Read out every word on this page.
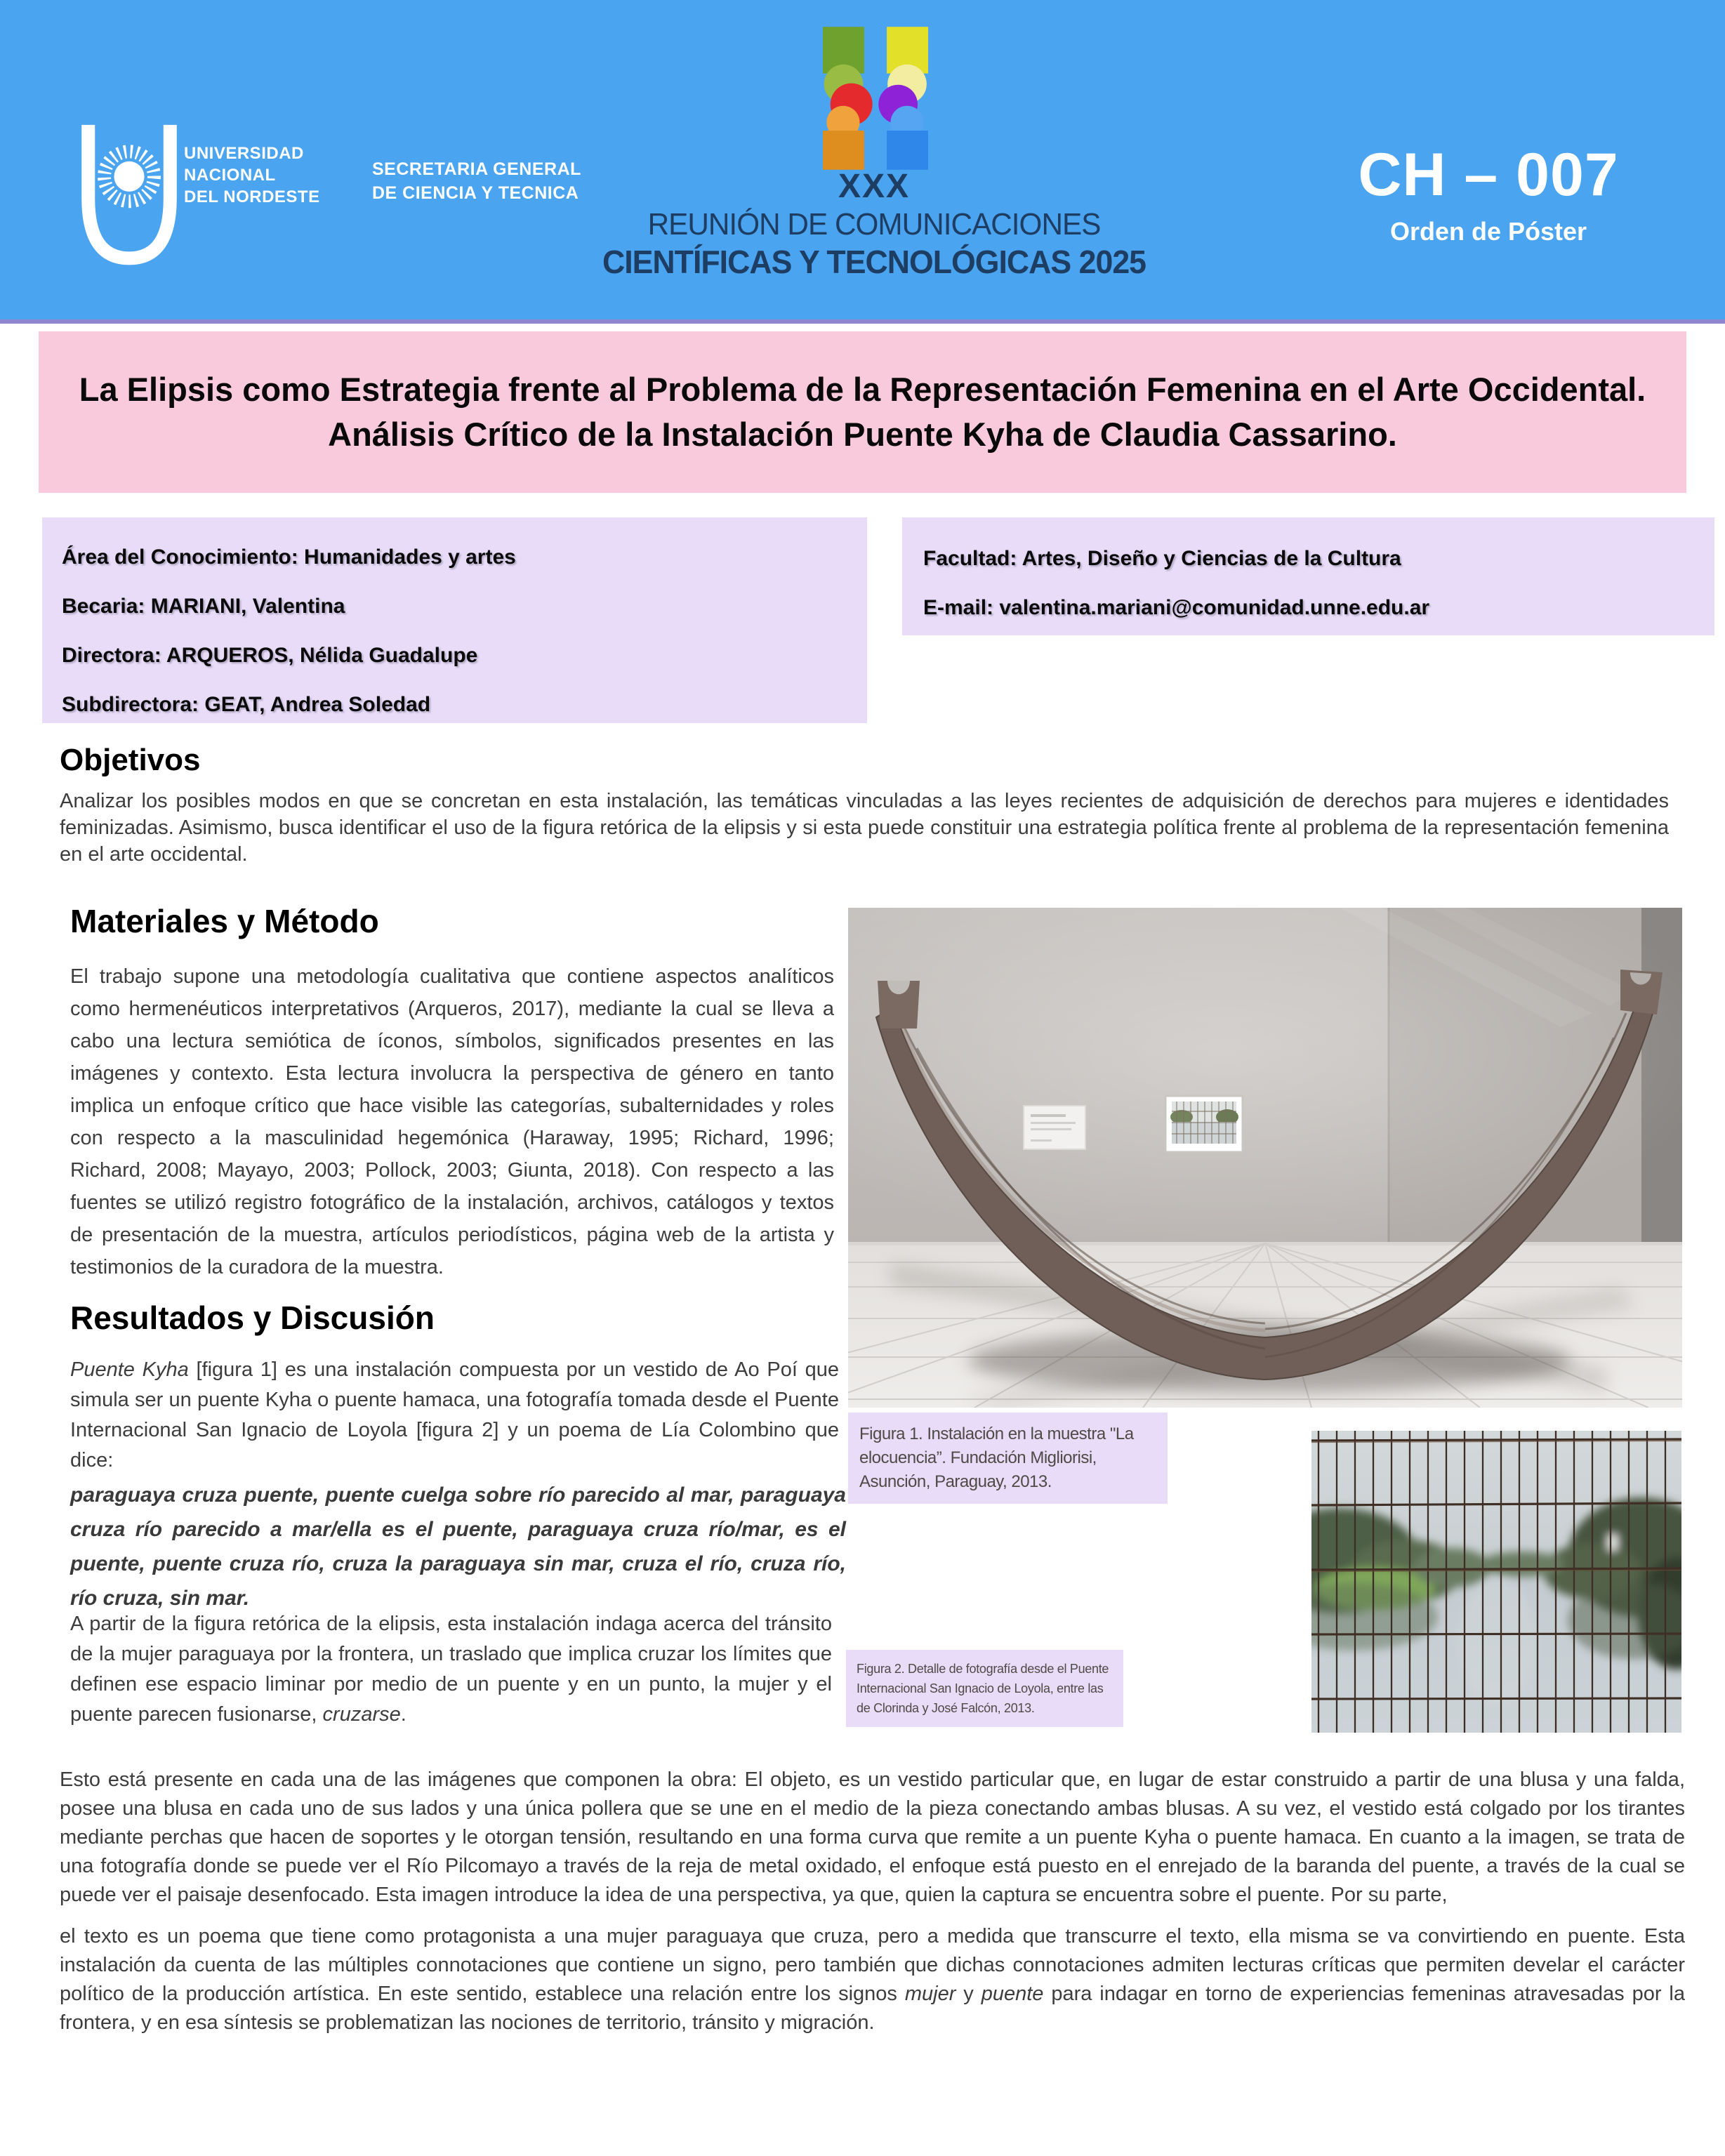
UNIVERSIDAD
NACIONAL
DEL NORDESTE
SECRETARIA GENERAL
DE CIENCIA Y TECNICA	XXX
REUNIÓN DE COMUNICACIONES
CIENTÍFICAS Y TECNOLÓGICAS 2025
CH – 007
Orden de Póster
La Elipsis como Estrategia frente al Problema de la Representación Femenina en el Arte Occidental. Análisis Crítico de la Instalación Puente Kyha de Claudia Cassarino.
Área del Conocimiento: Humanidades y artes
Becaria: MARIANI, Valentina
Directora: ARQUEROS, Nélida Guadalupe
Subdirectora: GEAT, Andrea Soledad
Facultad: Artes, Diseño y Ciencias de la Cultura
E-mail: valentina.mariani@comunidad.unne.edu.ar
Objetivos
Analizar los posibles modos en que se concretan en esta instalación, las temáticas vinculadas a las leyes recientes de adquisición de derechos para mujeres e identidades feminizadas. Asimismo, busca identificar el uso de la figura retórica de la elipsis y si esta puede constituir una estrategia política frente al problema de la representación femenina en el arte occidental.
Materiales y Método
El trabajo supone una metodología cualitativa que contiene aspectos analíticos como hermenéuticos interpretativos (Arqueros, 2017), mediante la cual se lleva a cabo una lectura semiótica de íconos, símbolos, significados presentes en las imágenes y contexto. Esta lectura involucra la perspectiva de género en tanto implica un enfoque crítico que hace visible las categorías, subalternidades y roles con respecto a la masculinidad hegemónica (Haraway, 1995; Richard, 1996; Richard, 2008; Mayayo, 2003; Pollock, 2003; Giunta, 2018). Con respecto a las fuentes se utilizó registro fotográfico de la instalación, archivos, catálogos y textos de presentación de la muestra, artículos periodísticos, página web de la artista y testimonios de la curadora de la muestra.
Resultados y Discusión
Puente Kyha [figura 1] es una instalación compuesta por un vestido de Ao Poí que simula ser un puente Kyha o puente hamaca, una fotografía tomada desde el Puente Internacional San Ignacio de Loyola [figura 2] y un poema de Lía Colombino que dice:
paraguaya cruza puente, puente cuelga sobre río parecido al mar, paraguaya cruza río parecido a mar/ella es el puente, paraguaya cruza río/mar, es el puente, puente cruza río, cruza la paraguaya sin mar, cruza el río, cruza río, río cruza, sin mar.
A partir de la figura retórica de la elipsis, esta instalación indaga acerca del tránsito de la mujer paraguaya por la frontera, un traslado que implica cruzar los límites que definen ese espacio liminar por medio de un puente y en un punto, la mujer y el puente parecen fusionarse, cruzarse.
Figura 1. Instalación en la muestra "La elocuencia”. Fundación Migliorisi, Asunción, Paraguay, 2013.
Figura 2. Detalle de fotografía desde el Puente Internacional San Ignacio de Loyola, entre las de Clorinda y José Falcón, 2013.

Esto está presente en cada una de las imágenes que componen la obra: El objeto, es un vestido particular que, en lugar de estar construido a partir de una blusa y una falda, posee una blusa en cada uno de sus lados y una única pollera que se une en el medio de la pieza conectando ambas blusas. A su vez, el vestido está colgado por los tirantes mediante perchas que hacen de soportes y le otorgan tensión, resultando en una forma curva que remite a un puente Kyha o puente hamaca. En cuanto a la imagen, se trata de una fotografía donde se puede ver el Río Pilcomayo a través de la reja de metal oxidado, el enfoque está puesto en el enrejado de la baranda del puente, a través de la cual se puede ver el paisaje desenfocado. Esta imagen introduce la idea de una perspectiva, ya que, quien la captura se encuentra sobre el puente. Por su parte,

el texto es un poema que tiene como protagonista a una mujer paraguaya que cruza, pero a medida que transcurre el texto, ella misma se va convirtiendo en puente. Esta instalación da cuenta de las múltiples connotaciones que contiene un signo, pero también que dichas connotaciones admiten lecturas críticas que permiten develar el carácter político de la producción artística. En este sentido, establece una relación entre los signos mujer y puente para indagar en torno de experiencias femeninas atravesadas por la frontera, y en esa síntesis se problematizan las nociones de territorio, tránsito y migración.
